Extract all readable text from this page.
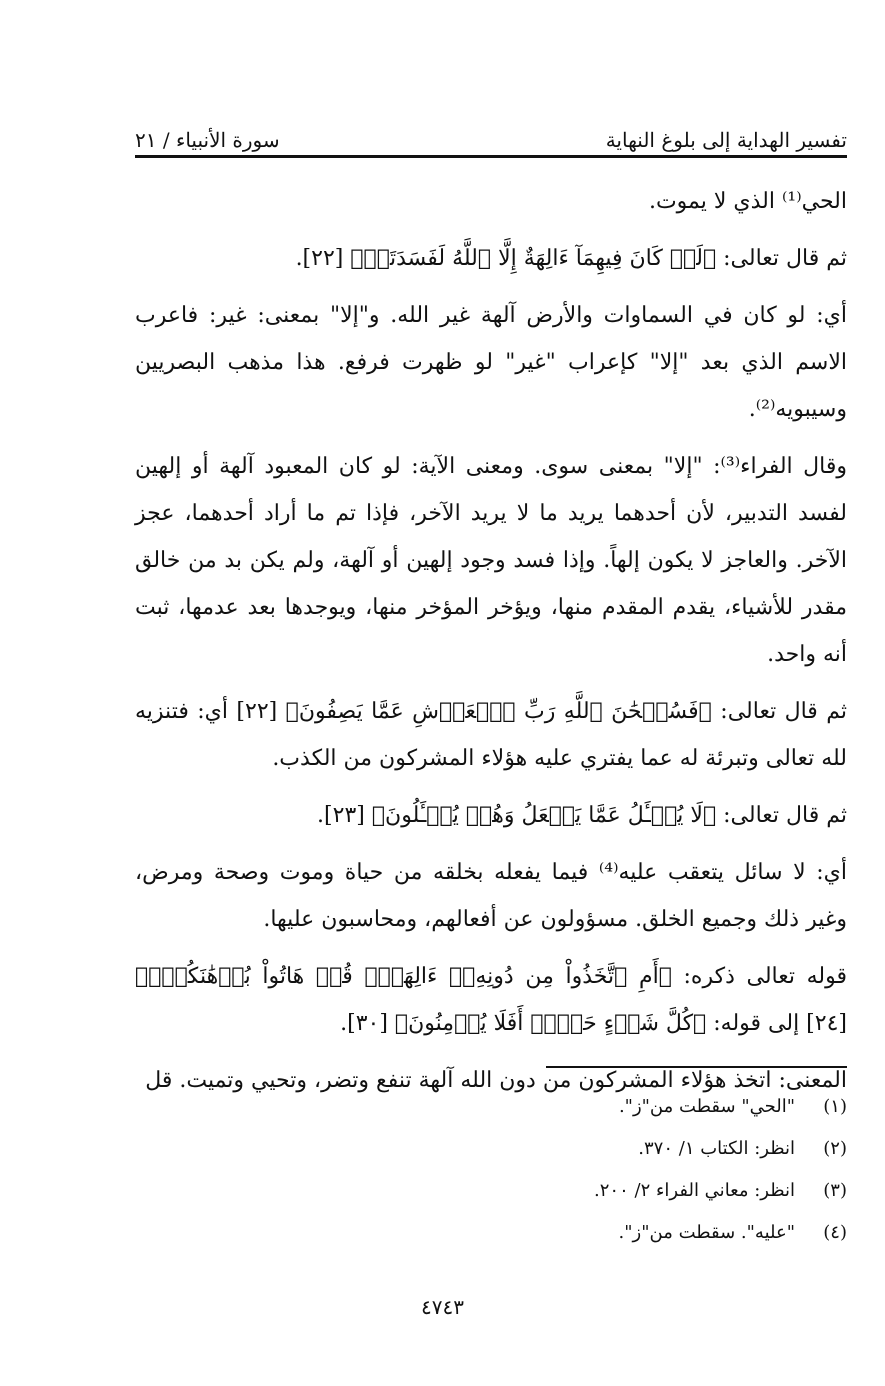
تفسير الهداية إلى بلوغ النهاية
سورة الأنبياء / ٢١

الحي⁽¹⁾ الذي لا يموت.

ثم قال تعالى: ﴿لَوۡ كَانَ فِيهِمَآ ءَالِهَةٌ إِلَّا ٱللَّهُ لَفَسَدَتَاۚ﴾ [٢٢].

أي: لو كان في السماوات والأرض آلهة غير الله. و"إلا" بمعنى: غير: فاعرب الاسم الذي بعد "إلا" كإعراب "غير" لو ظهرت فرفع. هذا مذهب البصريين وسيبويه⁽²⁾.

وقال الفراء⁽³⁾: "إلا" بمعنى سوى. ومعنى الآية: لو كان المعبود آلهة أو إلهين لفسد التدبير، لأن أحدهما يريد ما لا يريد الآخر، فإذا تم ما أراد أحدهما، عجز الآخر. والعاجز لا يكون إلهاً. وإذا فسد وجود إلهين أو آلهة، ولم يكن بد من خالق مقدر للأشياء، يقدم المقدم منها، ويؤخر المؤخر منها، ويوجدها بعد عدمها، ثبت أنه واحد.

ثم قال تعالى: ﴿فَسُبۡحَٰنَ ٱللَّهِ رَبِّ ٱلۡعَرۡشِ عَمَّا يَصِفُونَ﴾ [٢٢] أي: فتنزيه لله تعالى وتبرئة له عما يفتري عليه هؤلاء المشركون من الكذب.

ثم قال تعالى: ﴿لَا يُسۡـَٔلُ عَمَّا يَفۡعَلُ وَهُمۡ يُسۡـَٔلُونَ﴾ [٢٣].

أي: لا سائل يتعقب عليه⁽⁴⁾ فيما يفعله بخلقه من حياة وموت وصحة ومرض، وغير ذلك وجميع الخلق. مسؤولون عن أفعالهم، ومحاسبون عليها.

قوله تعالى ذكره: ﴿أَمِ ٱتَّخَذُواْ مِن دُونِهِۦٓ ءَالِهَةٗۖ قُلۡ هَاتُواْ بُرۡهَٰنَكُمۡۖ﴾ [٢٤] إلى قوله: ﴿كُلَّ شَيۡءٍ حَيٍّۚ أَفَلَا يُؤۡمِنُونَ﴾ [٣٠].

المعنى: اتخذ هؤلاء المشركون من دون الله آلهة تنفع وتضر، وتحيي وتميت. قل

(١)
"الحي" سقطت من"ز".
(٢)
انظر: الكتاب ١/ ٣٧٠.
(٣)
انظر: معاني الفراء ٢/ ٢٠٠.
(٤)
"عليه". سقطت من"ز".
٤٧٤٣
